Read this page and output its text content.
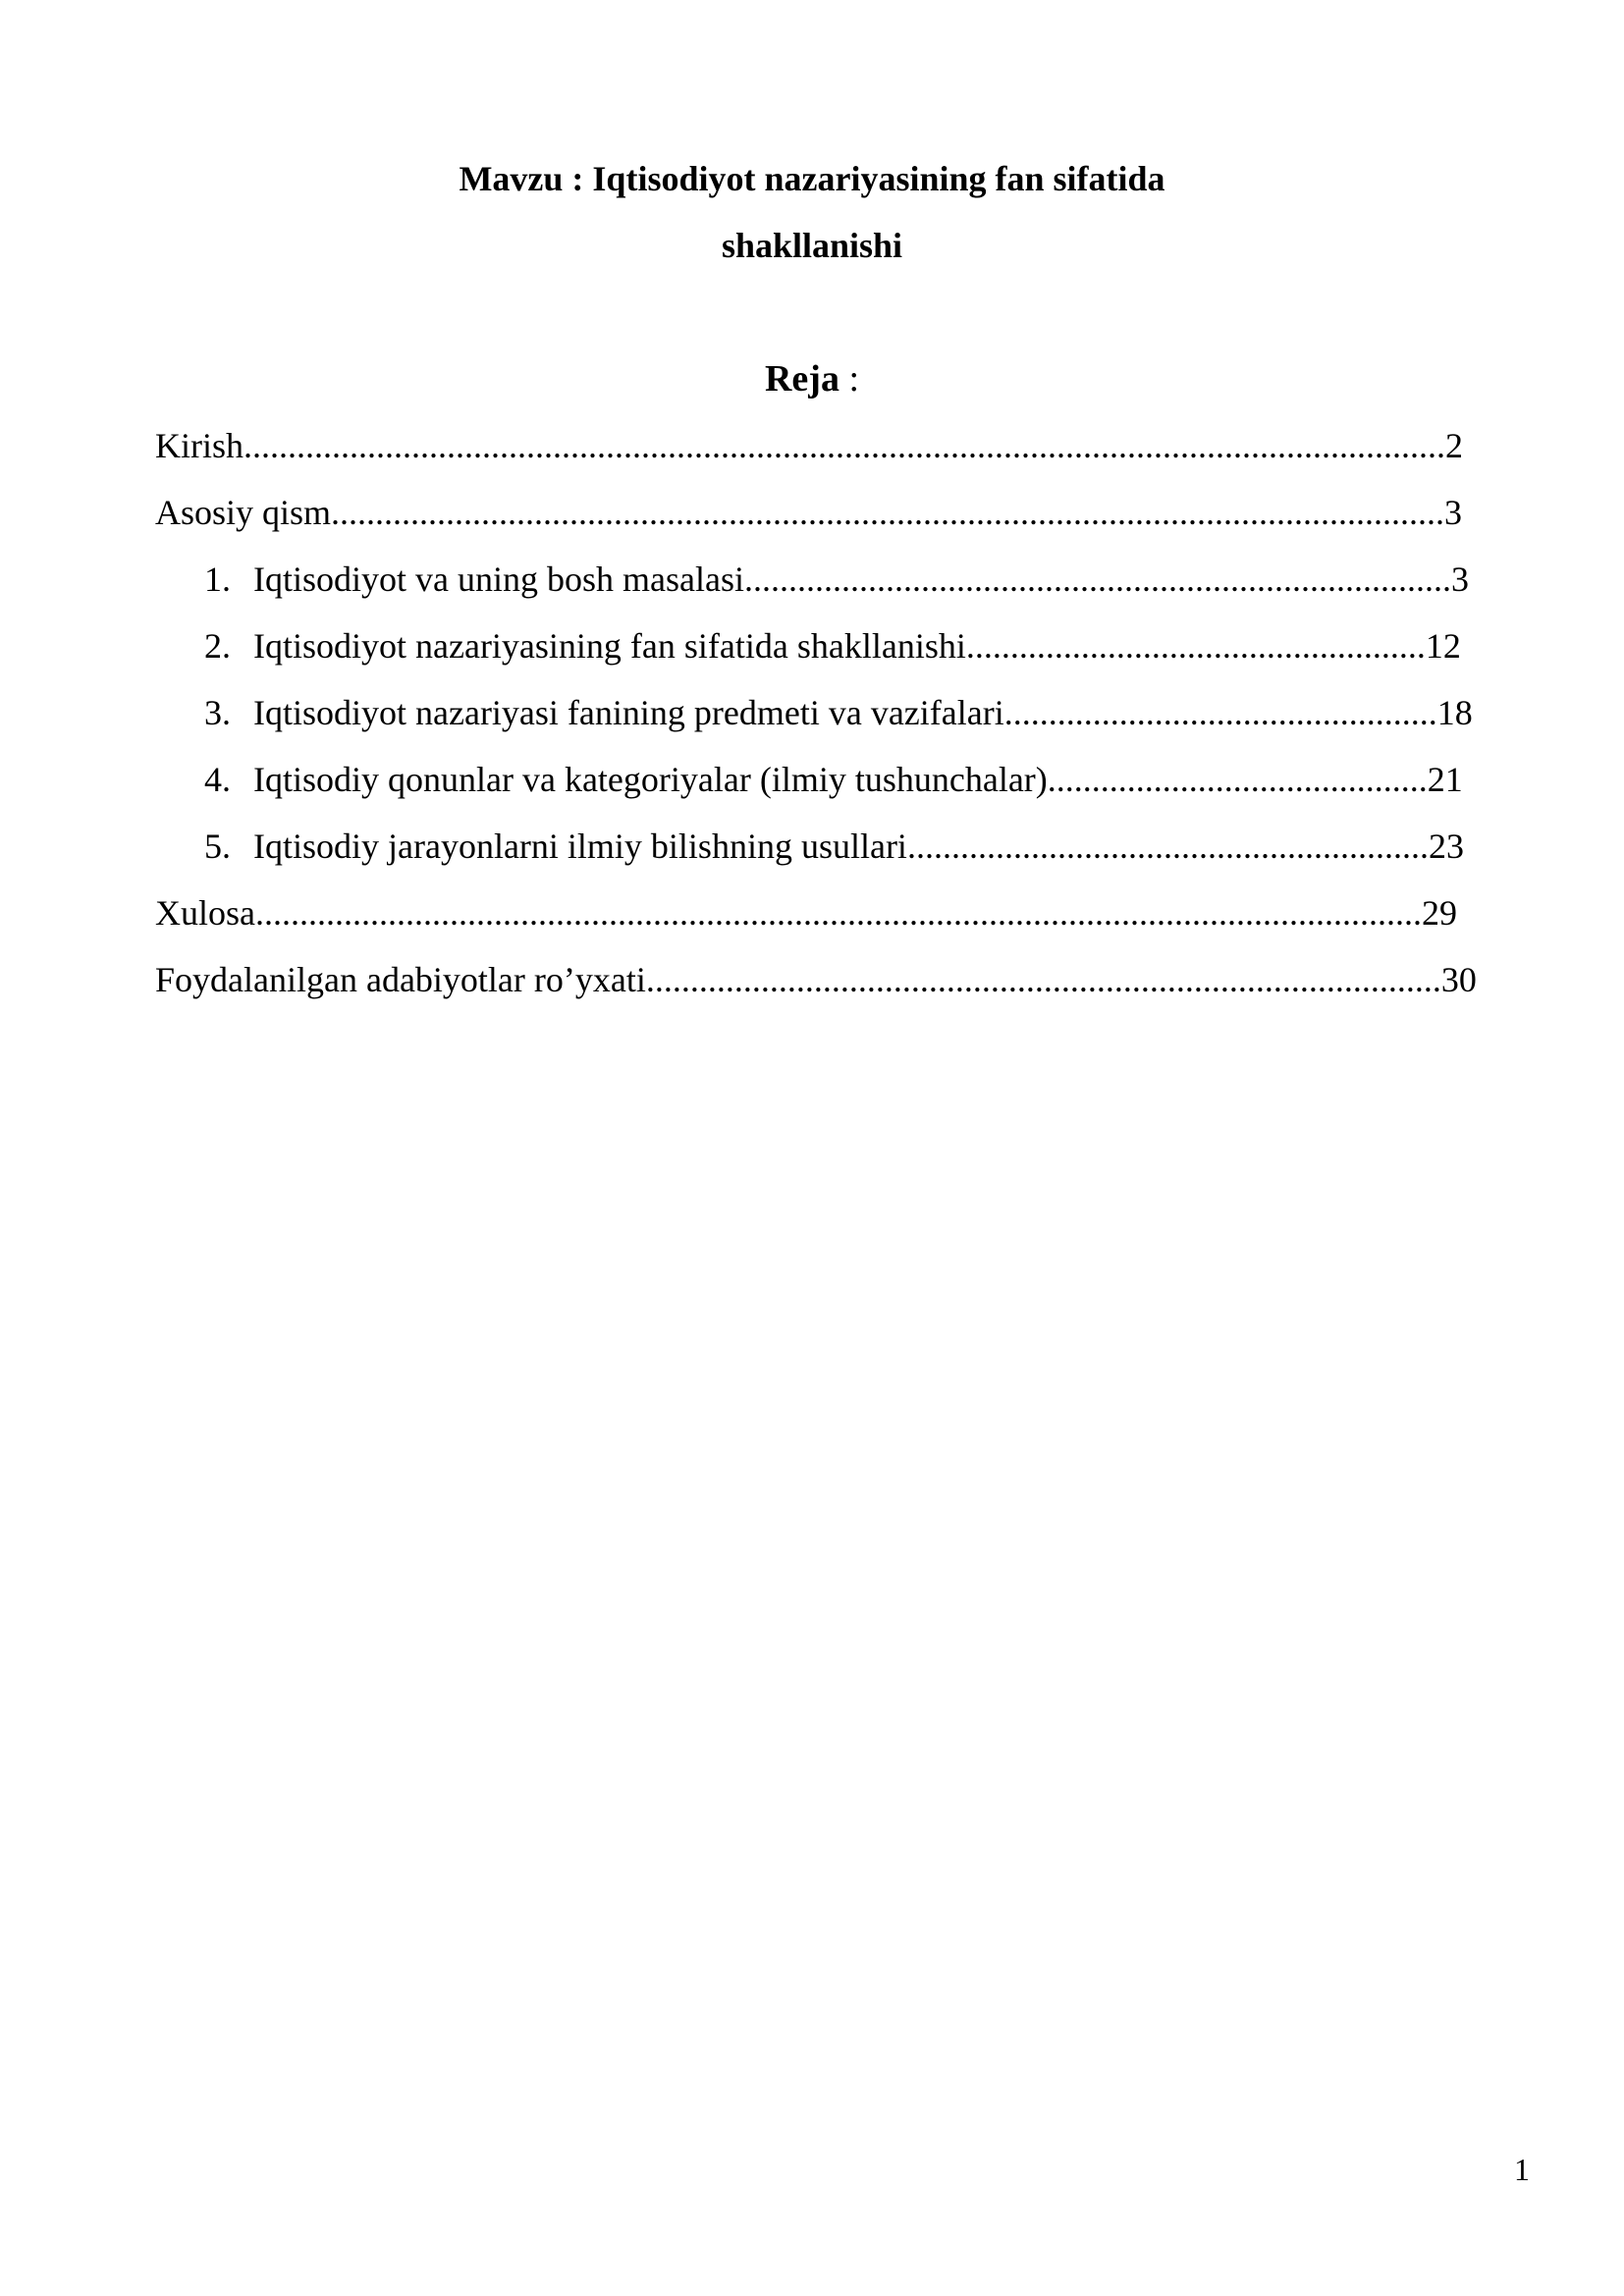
Mavzu : Iqtisodiyot nazariyasining fan sifatida
shakllanishi
Reja :
Kirish........................................................................................................................................2
Asosiy qism..............................................................................................................................3
1. Iqtisodiyot va uning bosh masalasi................................................................................3
2. Iqtisodiyot nazariyasining fan sifatida shakllanishi....................................................12
3. Iqtisodiyot nazariyasi fanining predmeti va vazifalari.................................................18
4. Iqtisodiy qonunlar va kategoriyalar (ilmiy tushunchalar)...........................................21
5. Iqtisodiy jarayonlarni ilmiy bilishning usullari...........................................................23
Xulosa....................................................................................................................................29
Foydalanilgan adabiyotlar ro’yxati..........................................................................................30
1
